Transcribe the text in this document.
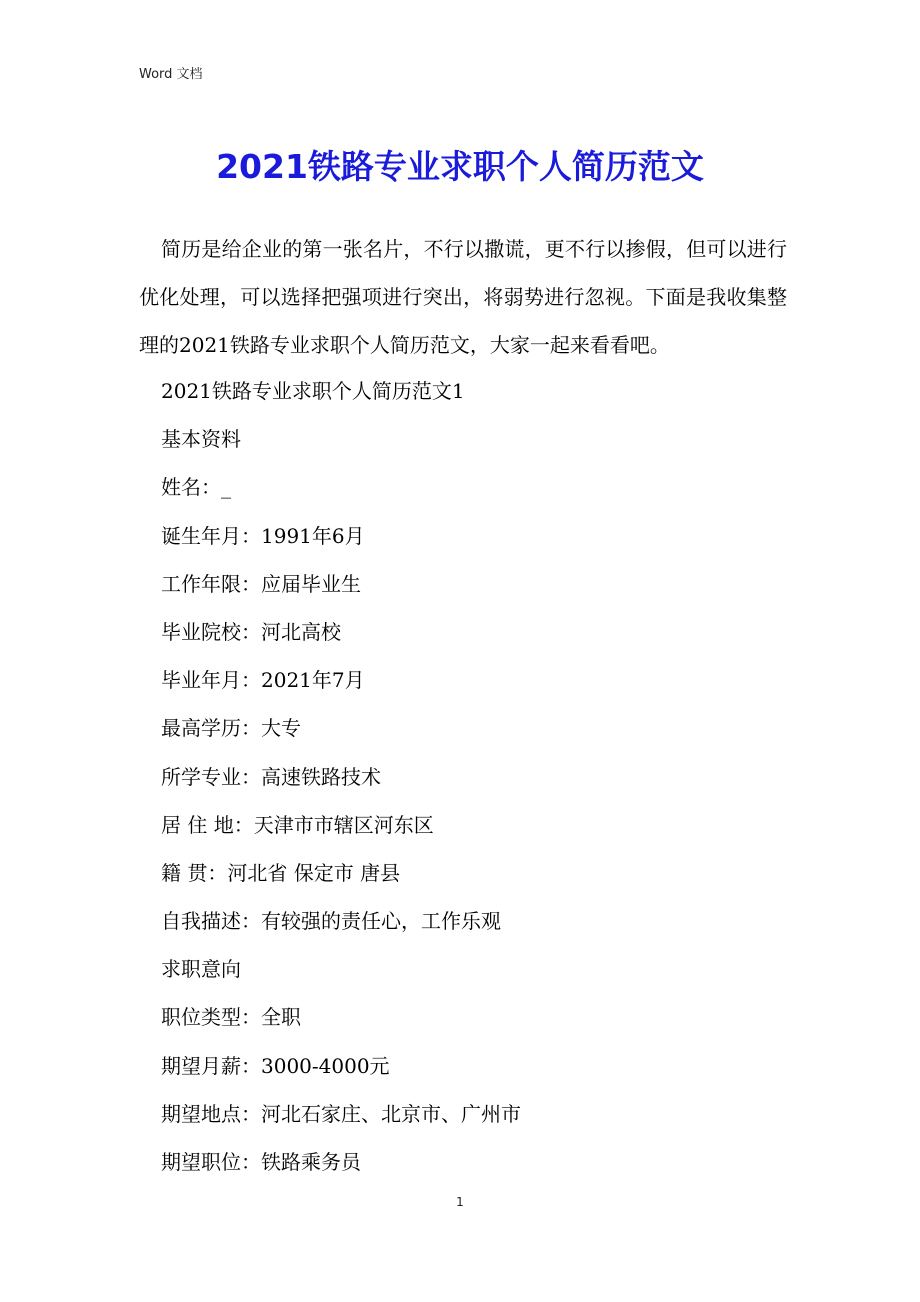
Word 文档
2021铁路专业求职个人简历范文

简历是给企业的第一张名片，不行以撒谎，更不行以掺假，但可以进行优化处理，可以选择把强项进行突出，将弱势进行忽视。下面是我收集整理的2021铁路专业求职个人简历范文，大家一起来看看吧。

2021铁路专业求职个人简历范文1
基本资料
姓名：_
诞生年月：1991年6月
工作年限：应届毕业生
毕业院校：河北高校
毕业年月：2021年7月
最高学历：大专
所学专业：高速铁路技术
居 住 地：天津市市辖区河东区
籍 贯：河北省 保定市 唐县
自我描述：有较强的责任心，工作乐观
求职意向
职位类型：全职
期望月薪：3000-4000元
期望地点：河北石家庄、北京市、广州市
期望职位：铁路乘务员
1
